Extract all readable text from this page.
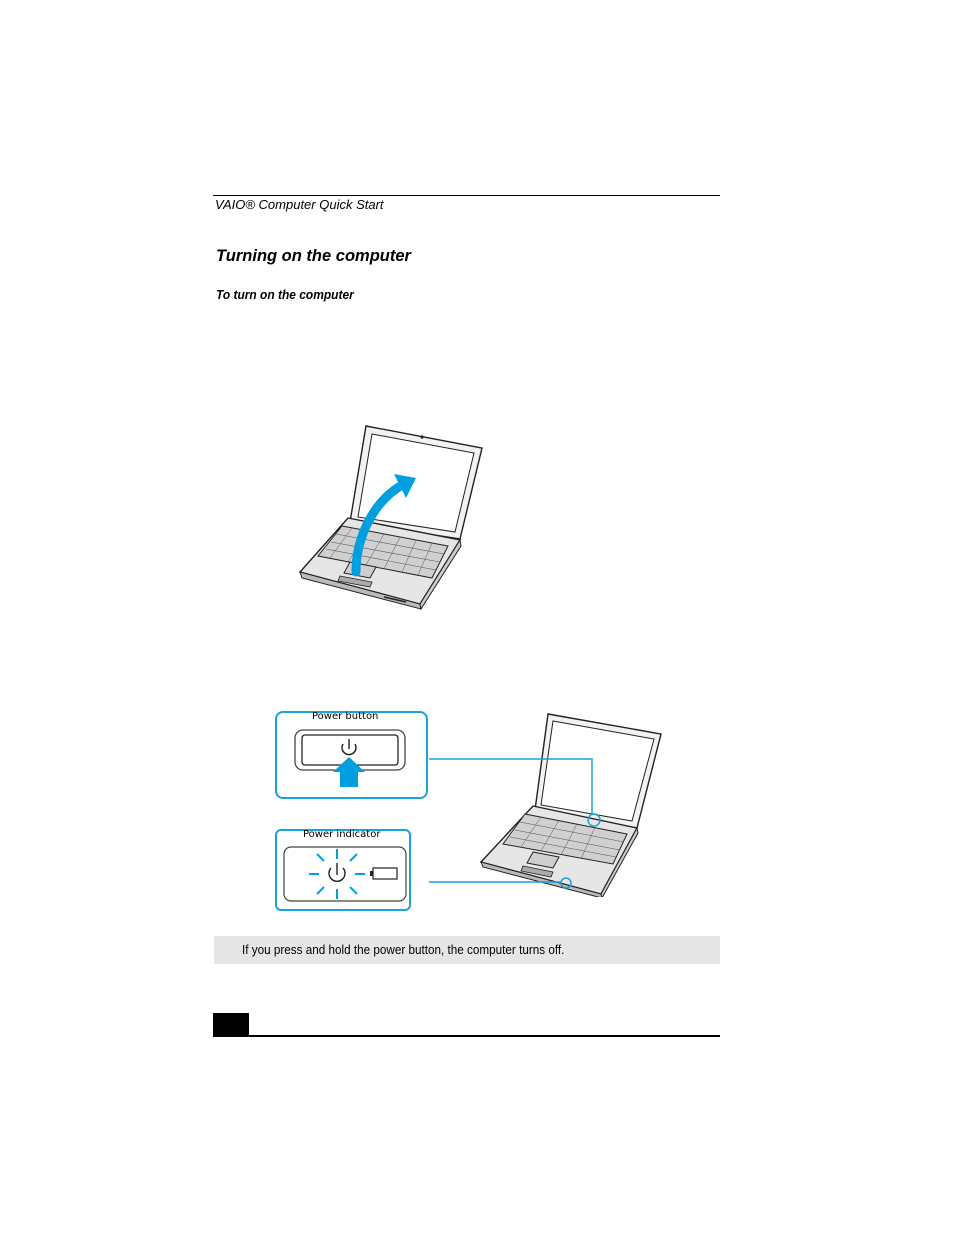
VAIO® Computer Quick Start
Turning on the computer
To turn on the computer
Power button
Power indicator
If you press and hold the power button, the computer turns off.
